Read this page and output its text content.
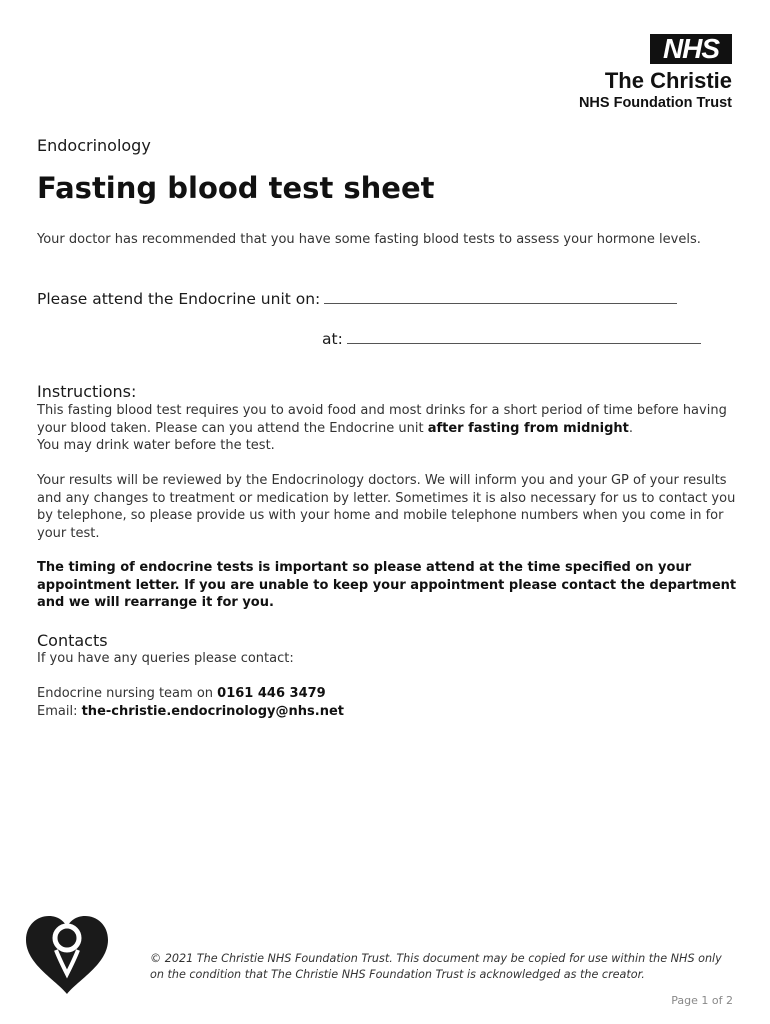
NHS
The Christie
NHS Foundation Trust
Endocrinology
Fasting blood test sheet
Your doctor has recommended that you have some fasting blood tests to assess your hormone levels.
Please attend the Endocrine unit on:
at:
Instructions:
This fasting blood test requires you to avoid food and most drinks for a short period of time before having your blood taken. Please can you attend the Endocrine unit after fasting from midnight.
You may drink water before the test.
Your results will be reviewed by the Endocrinology doctors. We will inform you and your GP of your results and any changes to treatment or medication by letter. Sometimes it is also necessary for us to contact you by telephone, so please provide us with your home and mobile telephone numbers when you come in for your test.
The timing of endocrine tests is important so please attend at the time specified on your appointment letter. If you are unable to keep your appointment please contact the department and we will rearrange it for you.
Contacts
If you have any queries please contact:
Endocrine nursing team on 0161 446 3479
Email: the-christie.endocrinology@nhs.net
© 2021 The Christie NHS Foundation Trust. This document may be copied for use within the NHS only
on the condition that The Christie NHS Foundation Trust is acknowledged as the creator.
Page 1 of 2
